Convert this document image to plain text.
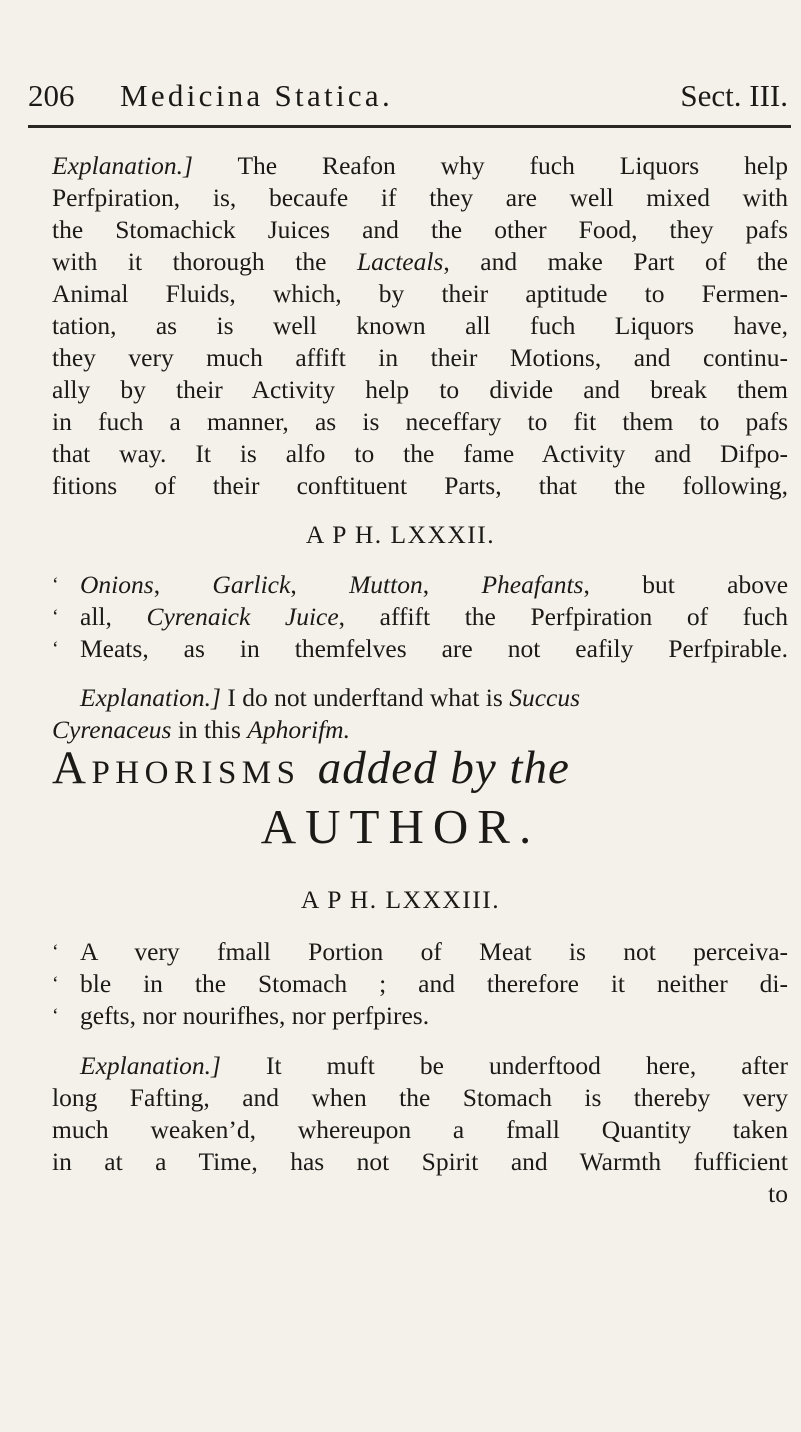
206 Medicina Statica.	Sect. III.
Explanation.] The Reafon why fuch Liquors help
Perfpiration, is, becaufe if they are well mixed with
the Stomachick Juices and the other Food, they pafs
with it thorough the Lacteals, and make Part of the
Animal Fluids, which, by their aptitude to Fermen-
tation, as is well known all fuch Liquors have,
they very much affift in their Motions, and continu-
ally by their Activity help to divide and break them
in fuch a manner, as is neceffary to fit them to pafs
that way. It is alfo to the fame Activity and Difpo-
fitions of their conftituent Parts, that the following,
A P H. LXXXII.
‘ Onions, Garlick, Mutton, Pheafants, but above
‘ all, Cyrenaick Juice, affift the Perfpiration of fuch
‘ Meats, as in themfelves are not eafily Perfpirable.
Explanation.] I do not underftand what is Succus
Cyrenaceus in this Aphorifm.
Aphorisms added by the
AUTHOR.
A P H. LXXXIII.
‘ A very fmall Portion of Meat is not perceiva-
‘ ble in the Stomach ; and therefore it neither di-
‘ gefts, nor nourifhes, nor perfpires.
Explanation.] It muft be underftood here, after
long Fafting, and when the Stomach is thereby very
much weaken’d, whereupon a fmall Quantity taken
in at a Time, has not Spirit and Warmth fufficient
to
